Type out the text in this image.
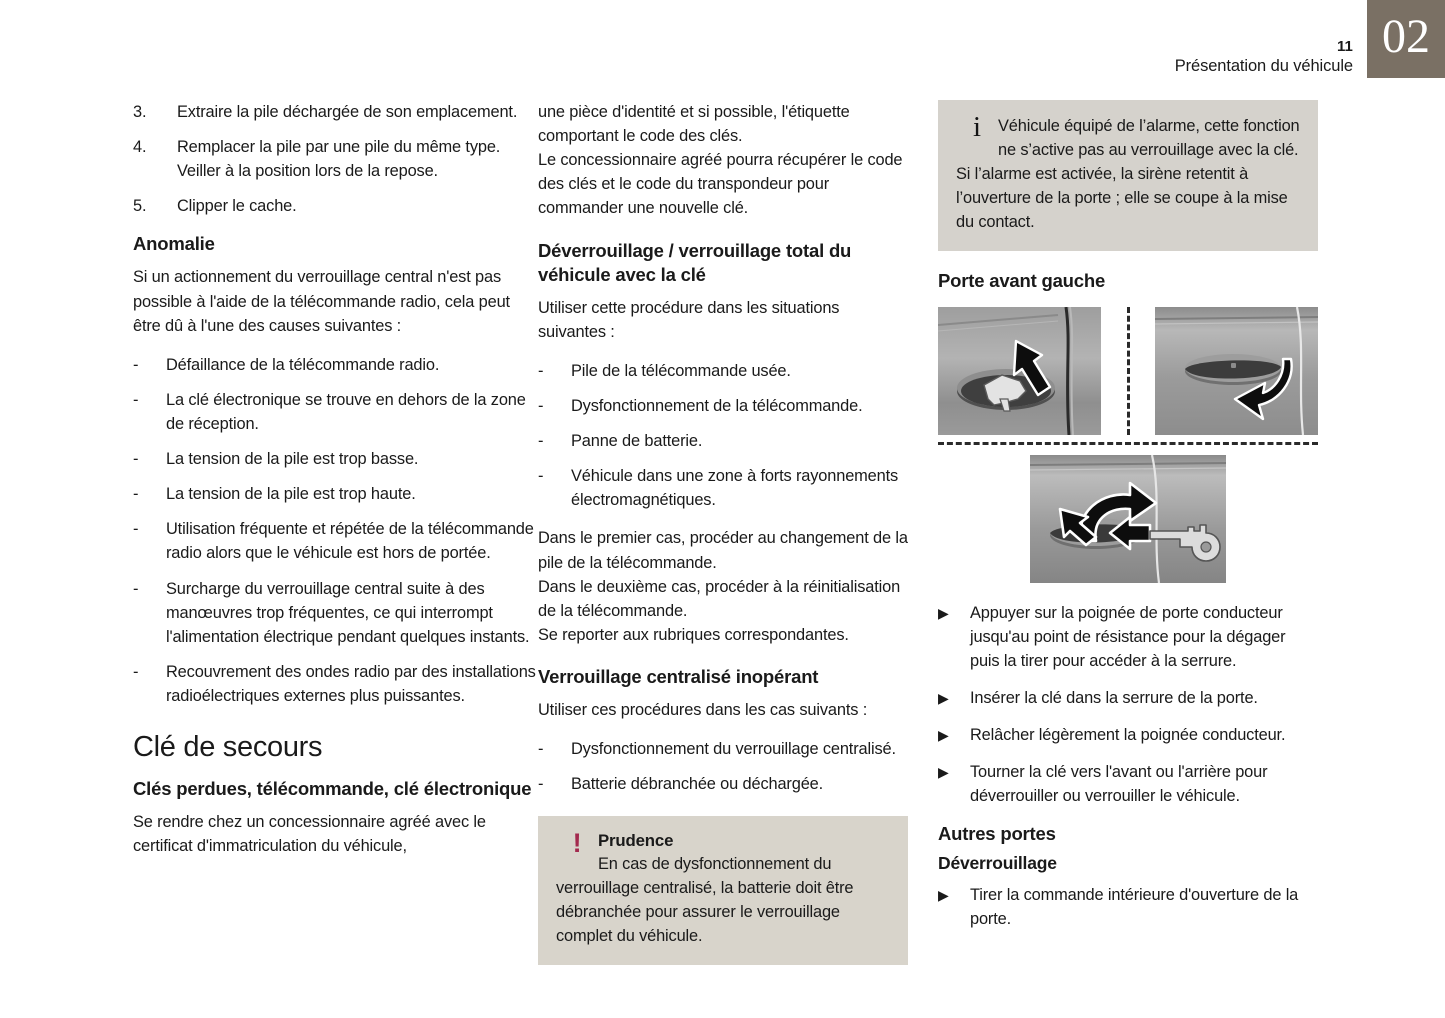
11
Présentation du véhicule
02
3.	Extraire la pile déchargée de son emplacement.
4.	Remplacer la pile par une pile du même type. Veiller à la position lors de la repose.
5.	Clipper le cache.
Anomalie

Si un actionnement du verrouillage central n'est pas possible à l'aide de la télécommande radio, cela peut être dû à l'une des causes suivantes :

-	Défaillance de la télécommande radio.
-	La clé électronique se trouve en dehors de la zone de réception.
-	La tension de la pile est trop basse.
-	La tension de la pile est trop haute.
-	Utilisation fréquente et répétée de la télécommande radio alors que le véhicule est hors de portée.
-	Surcharge du verrouillage central suite à des manœuvres trop fréquentes, ce qui interrompt l'alimentation électrique pendant quelques instants.
-	Recouvrement des ondes radio par des installations radioélectriques externes plus puissantes.
Clé de secours
Clés perdues, télécommande, clé électronique

Se rendre chez un concessionnaire agréé avec le certificat d'immatriculation du véhicule,

une pièce d'identité et si possible, l'étiquette comportant le code des clés.

Le concessionnaire agréé pourra récupérer le code des clés et le code du transpondeur pour commander une nouvelle clé.

Déverrouillage / verrouillage total du véhicule avec la clé

Utiliser cette procédure dans les situations suivantes :

-	Pile de la télécommande usée.
-	Dysfonctionnement de la télécommande.
-	Panne de batterie.
-	Véhicule dans une zone à forts rayonnements électromagnétiques.

Dans le premier cas, procéder au changement de la pile de la télécommande.

Dans le deuxième cas, procéder à la réinitialisation de la télécommande.

Se reporter aux rubriques correspondantes.

Verrouillage centralisé inopérant

Utiliser ces procédures dans les cas suivants :

-	Dysfonctionnement du verrouillage centralisé.
-	Batterie débranchée ou déchargée.
! Prudence
En cas de dysfonctionnement du verrouillage centralisé, la batterie doit être débranchée pour assurer le verrouillage complet du véhicule.
i	Véhicule équipé de l’alarme, cette fonction ne s’active pas au verrouillage avec la clé.
Si l’alarme est activée, la sirène retentit à l’ouverture de la porte ; elle se coupe à la mise du contact.
Porte avant gauche
▶	Appuyer sur la poignée de porte conducteur jusqu'au point de résistance pour la dégager puis la tirer pour accéder à la serrure.
▶	Insérer la clé dans la serrure de la porte.
▶	Relâcher légèrement la poignée conducteur.
▶	Tourner la clé vers l'avant ou l'arrière pour déverrouiller ou verrouiller le véhicule.
Autres portes
Déverrouillage
▶	Tirer la commande intérieure d'ouverture de la porte.
